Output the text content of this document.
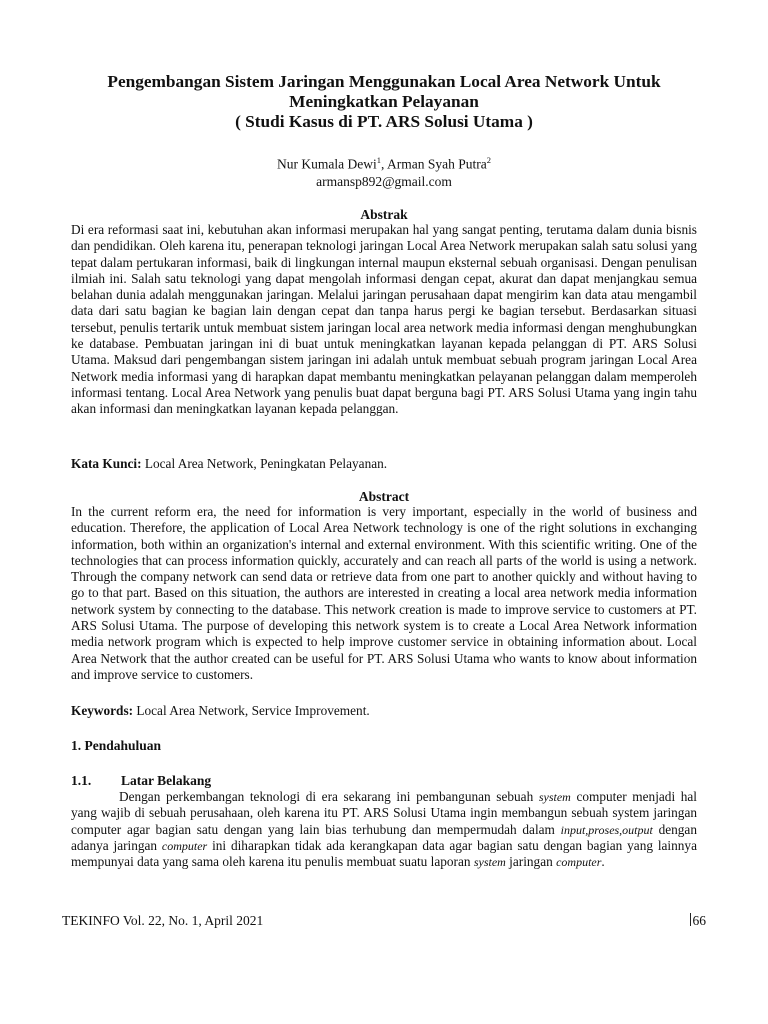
Pengembangan Sistem Jaringan Menggunakan Local Area Network Untuk
Meningkatkan Pelayanan
( Studi Kasus di PT. ARS Solusi Utama )
Nur Kumala Dewi$^1$, Arman Syah Putra$^2$
armansp892@gmail.com
Abstrak
Di era reformasi saat ini, kebutuhan akan informasi merupakan hal yang sangat penting, terutama dalam dunia bisnis dan pendidikan. Oleh karena itu, penerapan teknologi jaringan Local Area Network merupakan salah satu solusi yang tepat dalam pertukaran informasi, baik di lingkungan internal maupun eksternal sebuah organisasi. Dengan penulisan ilmiah ini. Salah satu teknologi yang dapat mengolah informasi dengan cepat, akurat dan dapat menjangkau semua belahan dunia adalah menggunakan jaringan. Melalui jaringan perusahaan dapat mengirim kan data atau mengambil data dari satu bagian ke bagian lain dengan cepat dan tanpa harus pergi ke bagian tersebut. Berdasarkan situasi tersebut, penulis tertarik untuk membuat sistem jaringan local area network media informasi dengan menghubungkan ke database. Pembuatan jaringan ini di buat untuk meningkatkan layanan kepada pelanggan di PT. ARS Solusi Utama. Maksud dari pengembangan sistem jaringan ini adalah untuk membuat sebuah program jaringan Local Area Network media informasi yang di harapkan dapat membantu meningkatkan pelayanan pelanggan dalam memperoleh informasi tentang. Local Area Network yang penulis buat dapat berguna bagi PT. ARS Solusi Utama yang ingin tahu akan informasi dan meningkatkan layanan kepada pelanggan.
Kata Kunci: Local Area Network, Peningkatan Pelayanan.
Abstract
In the current reform era, the need for information is very important, especially in the world of business and education. Therefore, the application of Local Area Network technology is one of the right solutions in exchanging information, both within an organization's internal and external environment. With this scientific writing. One of the technologies that can process information quickly, accurately and can reach all parts of the world is using a network. Through the company network can send data or retrieve data from one part to another quickly and without having to go to that part. Based on this situation, the authors are interested in creating a local area network media information network system by connecting to the database. This network creation is made to improve service to customers at PT. ARS Solusi Utama. The purpose of developing this network system is to create a Local Area Network information media network program which is expected to help improve customer service in obtaining information about. Local Area Network that the author created can be useful for PT. ARS Solusi Utama who wants to know about information and improve service to customers.
Keywords: Local Area Network, Service Improvement.
1. Pendahuluan
1.1. Latar Belakang
Dengan perkembangan teknologi di era sekarang ini pembangunan sebuah system computer menjadi hal yang wajib di sebuah perusahaan, oleh karena itu PT. ARS Solusi Utama ingin membangun sebuah system jaringan computer agar bagian satu dengan yang lain bias terhubung dan mempermudah dalam input,proses,output dengan adanya jaringan computer ini diharapkan tidak ada kerangkapan data agar bagian satu dengan bagian yang lainnya mempunyai data yang sama oleh karena itu penulis membuat suatu laporan system jaringan computer.
TEKINFO Vol. 22, No. 1, April 2021	66
